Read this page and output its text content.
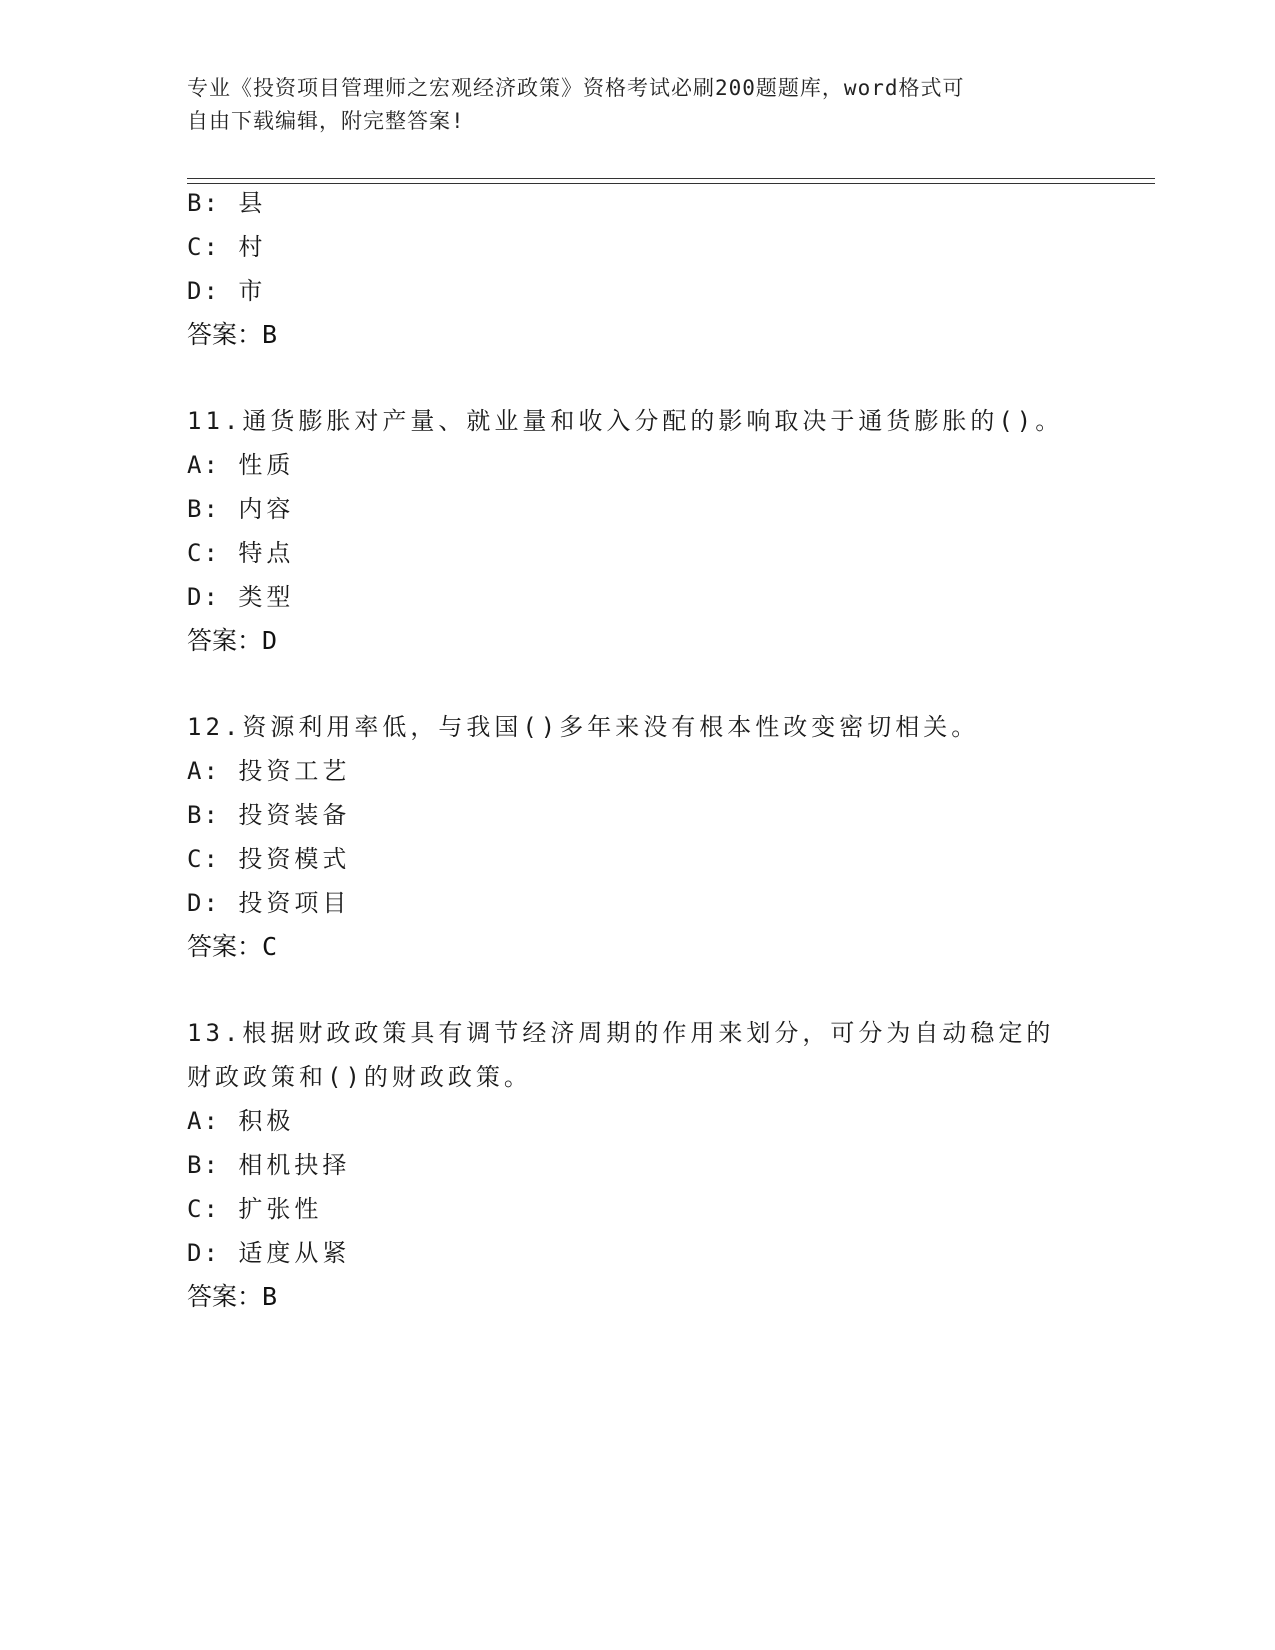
专业《投资项目管理师之宏观经济政策》资格考试必刷200题题库，word格式可
自由下载编辑，附完整答案!
B: 县
C: 村
D: 市
答案：B
11.通货膨胀对产量、就业量和收入分配的影响取决于通货膨胀的()。
A: 性质
B: 内容
C: 特点
D: 类型
答案：D
12.资源利用率低，与我国()多年来没有根本性改变密切相关。
A: 投资工艺
B: 投资装备
C: 投资模式
D: 投资项目
答案：C
13.根据财政政策具有调节经济周期的作用来划分，可分为自动稳定的
财政政策和()的财政政策。
A: 积极
B: 相机抉择
C: 扩张性
D: 适度从紧
答案：B
